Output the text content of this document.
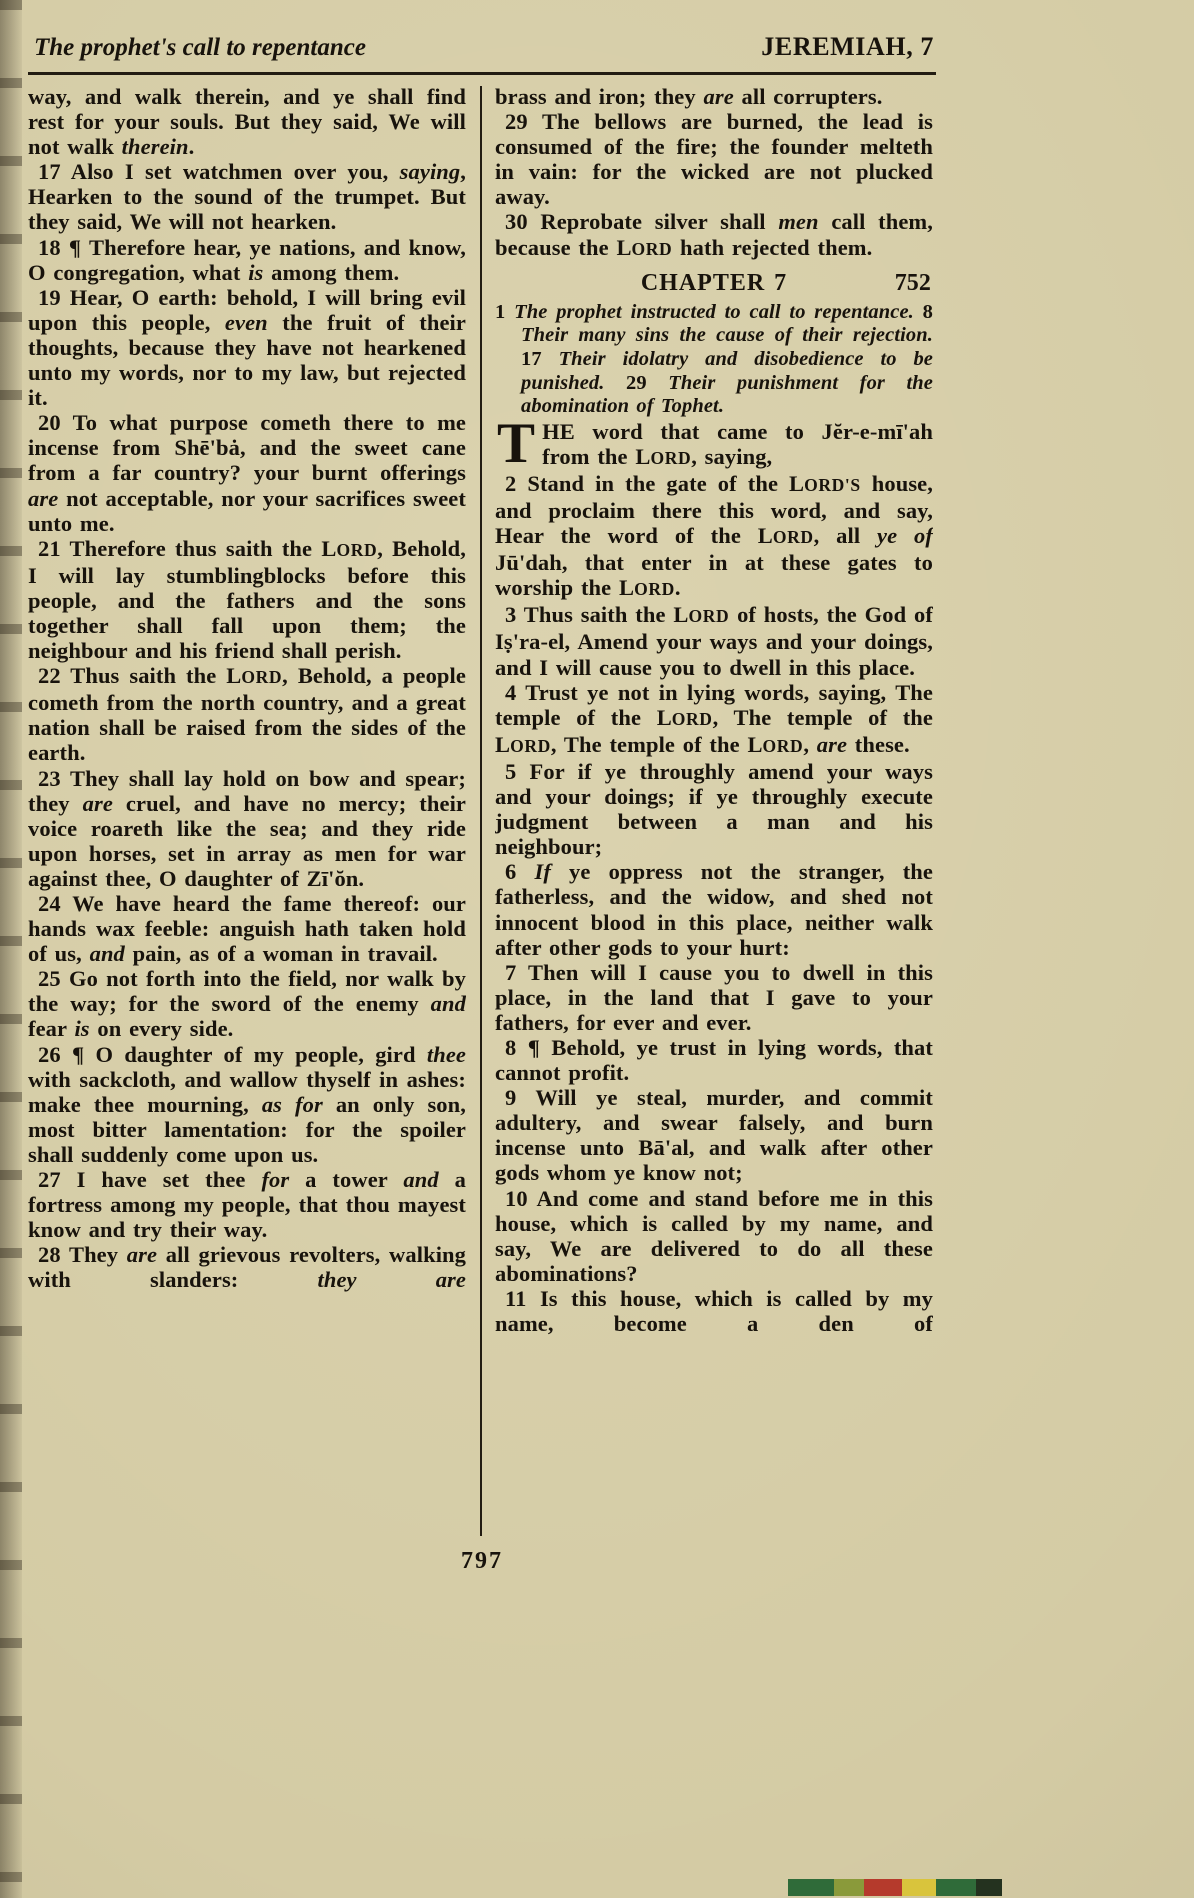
The prophet's call to repentance	JEREMIAH, 7

way, and walk therein, and ye shall find rest for your souls. But they said, We will not walk therein.

17 Also I set watchmen over you, saying, Hearken to the sound of the trumpet. But they said, We will not hearken.

18 ¶ Therefore hear, ye nations, and know, O congregation, what is among them.

19 Hear, O earth: behold, I will bring evil upon this people, even the fruit of their thoughts, because they have not hearkened unto my words, nor to my law, but rejected it.

20 To what purpose cometh there to me incense from Shē'bȧ, and the sweet cane from a far country? your burnt offerings are not acceptable, nor your sacrifices sweet unto me.

21 Therefore thus saith the LORD, Behold, I will lay stumblingblocks before this people, and the fathers and the sons together shall fall upon them; the neighbour and his friend shall perish.

22 Thus saith the LORD, Behold, a people cometh from the north country, and a great nation shall be raised from the sides of the earth.

23 They shall lay hold on bow and spear; they are cruel, and have no mercy; their voice roareth like the sea; and they ride upon horses, set in array as men for war against thee, O daughter of Zī'ŏn.

24 We have heard the fame thereof: our hands wax feeble: anguish hath taken hold of us, and pain, as of a woman in travail.

25 Go not forth into the field, nor walk by the way; for the sword of the enemy and fear is on every side.

26 ¶ O daughter of my people, gird thee with sackcloth, and wallow thyself in ashes: make thee mourning, as for an only son, most bitter lamentation: for the spoiler shall suddenly come upon us.

27 I have set thee for a tower and a fortress among my people, that thou mayest know and try their way.

28 They are all grievous revolters, walking with slanders: they are

brass and iron; they are all corrupters.

29 The bellows are burned, the lead is consumed of the fire; the founder melteth in vain: for the wicked are not plucked away.

30 Reprobate silver shall men call them, because the LORD hath rejected them.

CHAPTER 7	752

1 The prophet instructed to call to repentance. 8 Their many sins the cause of their rejection. 17 Their idolatry and disobedience to be punished. 29 Their punishment for the abomination of Tophet.

THE word that came to Jĕr-e-mī'ah from the LORD, saying,

2 Stand in the gate of the LORD'S house, and proclaim there this word, and say, Hear the word of the LORD, all ye of Jū'dah, that enter in at these gates to worship the LORD.

3 Thus saith the LORD of hosts, the God of Iṣ'ra-el, Amend your ways and your doings, and I will cause you to dwell in this place.

4 Trust ye not in lying words, saying, The temple of the LORD, The temple of the LORD, The temple of the LORD, are these.

5 For if ye throughly amend your ways and your doings; if ye throughly execute judgment between a man and his neighbour;

6 If ye oppress not the stranger, the fatherless, and the widow, and shed not innocent blood in this place, neither walk after other gods to your hurt:

7 Then will I cause you to dwell in this place, in the land that I gave to your fathers, for ever and ever.

8 ¶ Behold, ye trust in lying words, that cannot profit.

9 Will ye steal, murder, and commit adultery, and swear falsely, and burn incense unto Bā'al, and walk after other gods whom ye know not;

10 And come and stand before me in this house, which is called by my name, and say, We are delivered to do all these abominations?

11 Is this house, which is called by my name, become a den of

797
